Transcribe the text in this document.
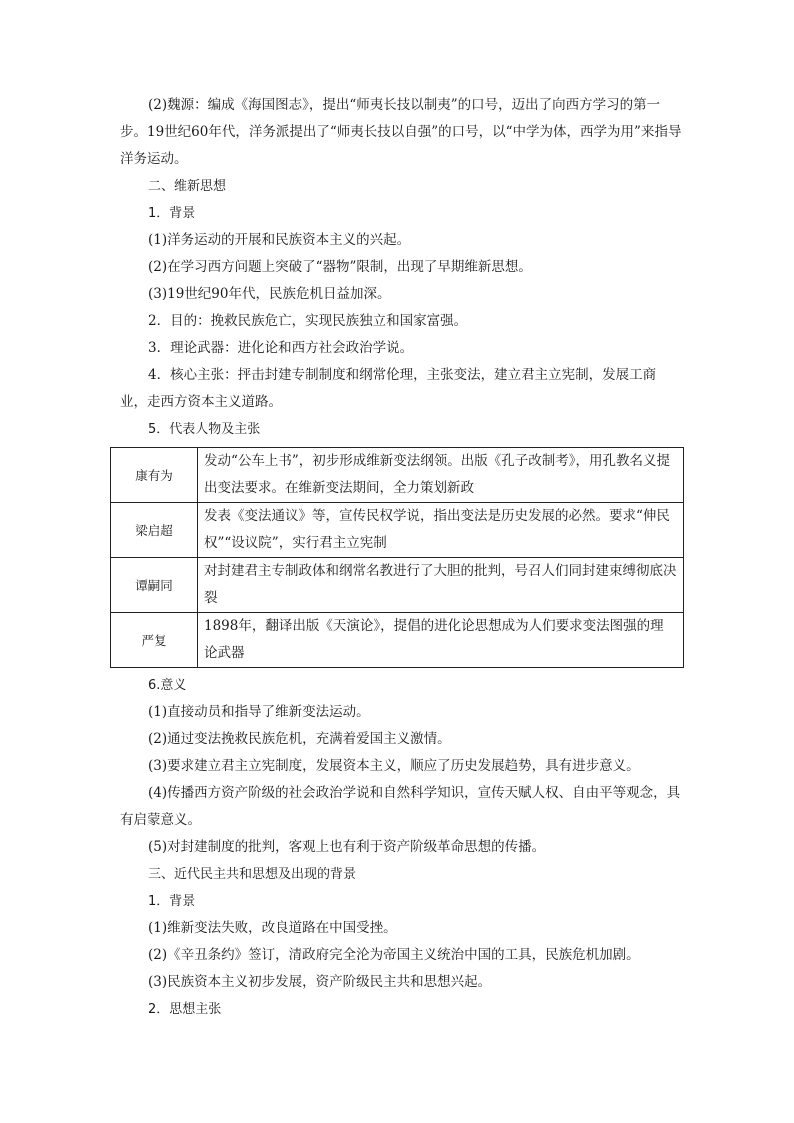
(2)魏源：编成《海国图志》，提出“师夷长技以制夷”的口号，迈出了向西方学习的第一步。19世纪60年代，洋务派提出了“师夷长技以自强”的口号，以“中学为体，西学为用”来指导洋务运动。

二、维新思想

1．背景

(1)洋务运动的开展和民族资本主义的兴起。

(2)在学习西方问题上突破了“器物”限制，出现了早期维新思想。

(3)19世纪90年代，民族危机日益加深。

2．目的：挽救民族危亡，实现民族独立和国家富强。

3．理论武器：进化论和西方社会政治学说。

4．核心主张：抨击封建专制制度和纲常伦理，主张变法，建立君主立宪制，发展工商业，走西方资本主义道路。

5．代表人物及主张

康有为	发动“公车上书”，初步形成维新变法纲领。出版《孔子改制考》，用孔教名义提出变法要求。在维新变法期间，全力策划新政
梁启超	发表《变法通议》等，宣传民权学说，指出变法是历史发展的必然。要求“伸民权”“设议院”，实行君主立宪制
谭嗣同	对封建君主专制政体和纲常名教进行了大胆的批判，号召人们同封建束缚彻底决裂
严复	1898年，翻译出版《天演论》，提倡的进化论思想成为人们要求变法图强的理论武器

6.意义

(1)直接动员和指导了维新变法运动。

(2)通过变法挽救民族危机，充满着爱国主义激情。

(3)要求建立君主立宪制度，发展资本主义，顺应了历史发展趋势，具有进步意义。

(4)传播西方资产阶级的社会政治学说和自然科学知识，宣传天赋人权、自由平等观念，具有启蒙意义。

(5)对封建制度的批判，客观上也有利于资产阶级革命思想的传播。

三、近代民主共和思想及出现的背景

1．背景

(1)维新变法失败，改良道路在中国受挫。

(2)《辛丑条约》签订，清政府完全沦为帝国主义统治中国的工具，民族危机加剧。

(3)民族资本主义初步发展，资产阶级民主共和思想兴起。

2．思想主张
